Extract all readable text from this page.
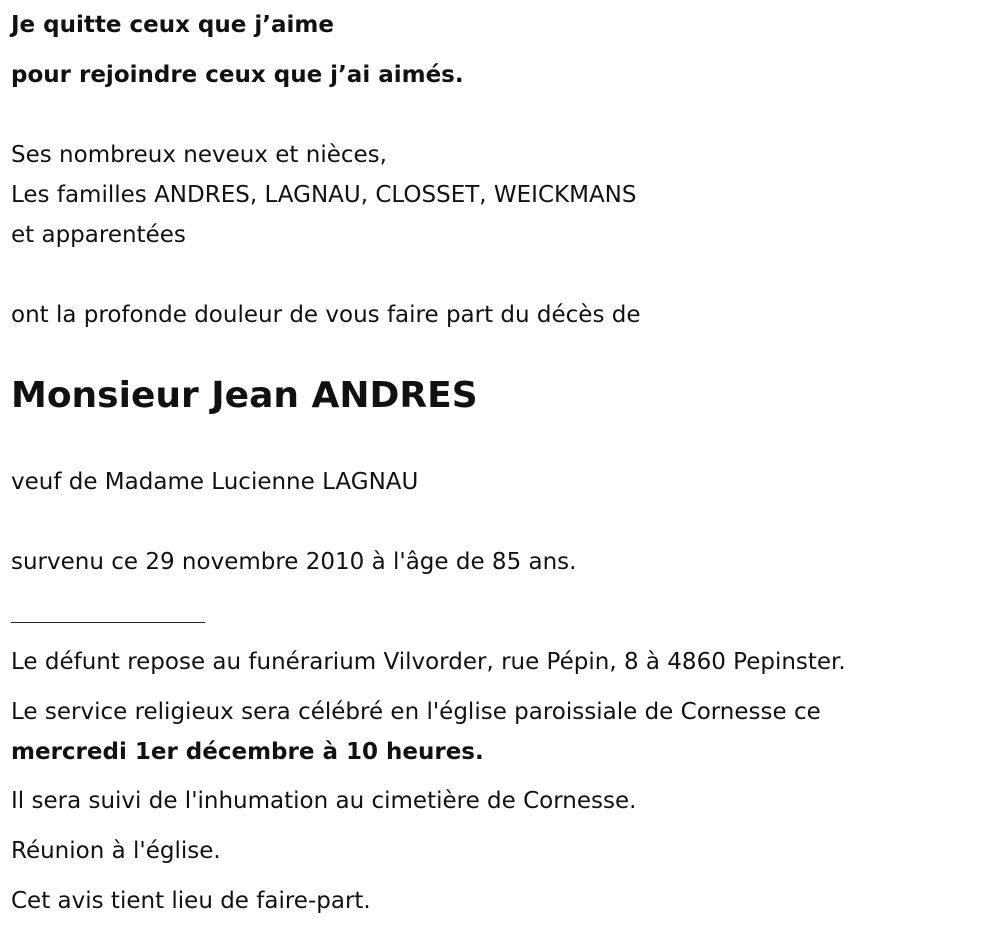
Je quitte ceux que j’aime
pour rejoindre ceux que j’ai aimés.
Ses nombreux neveux et nièces,
Les familles ANDRES, LAGNAU, CLOSSET, WEICKMANS
et apparentées
ont la profonde douleur de vous faire part du décès de
Monsieur Jean ANDRES
veuf de Madame Lucienne LAGNAU
survenu ce 29 novembre 2010 à l'âge de 85 ans.
Le défunt repose au funérarium Vilvorder, rue Pépin, 8 à 4860 Pepinster.
Le service religieux sera célébré en l'église paroissiale de Cornesse ce
mercredi 1er décembre à 10 heures.
Il sera suivi de l'inhumation au cimetière de Cornesse.
Réunion à l'église.
Cet avis tient lieu de faire-part.
